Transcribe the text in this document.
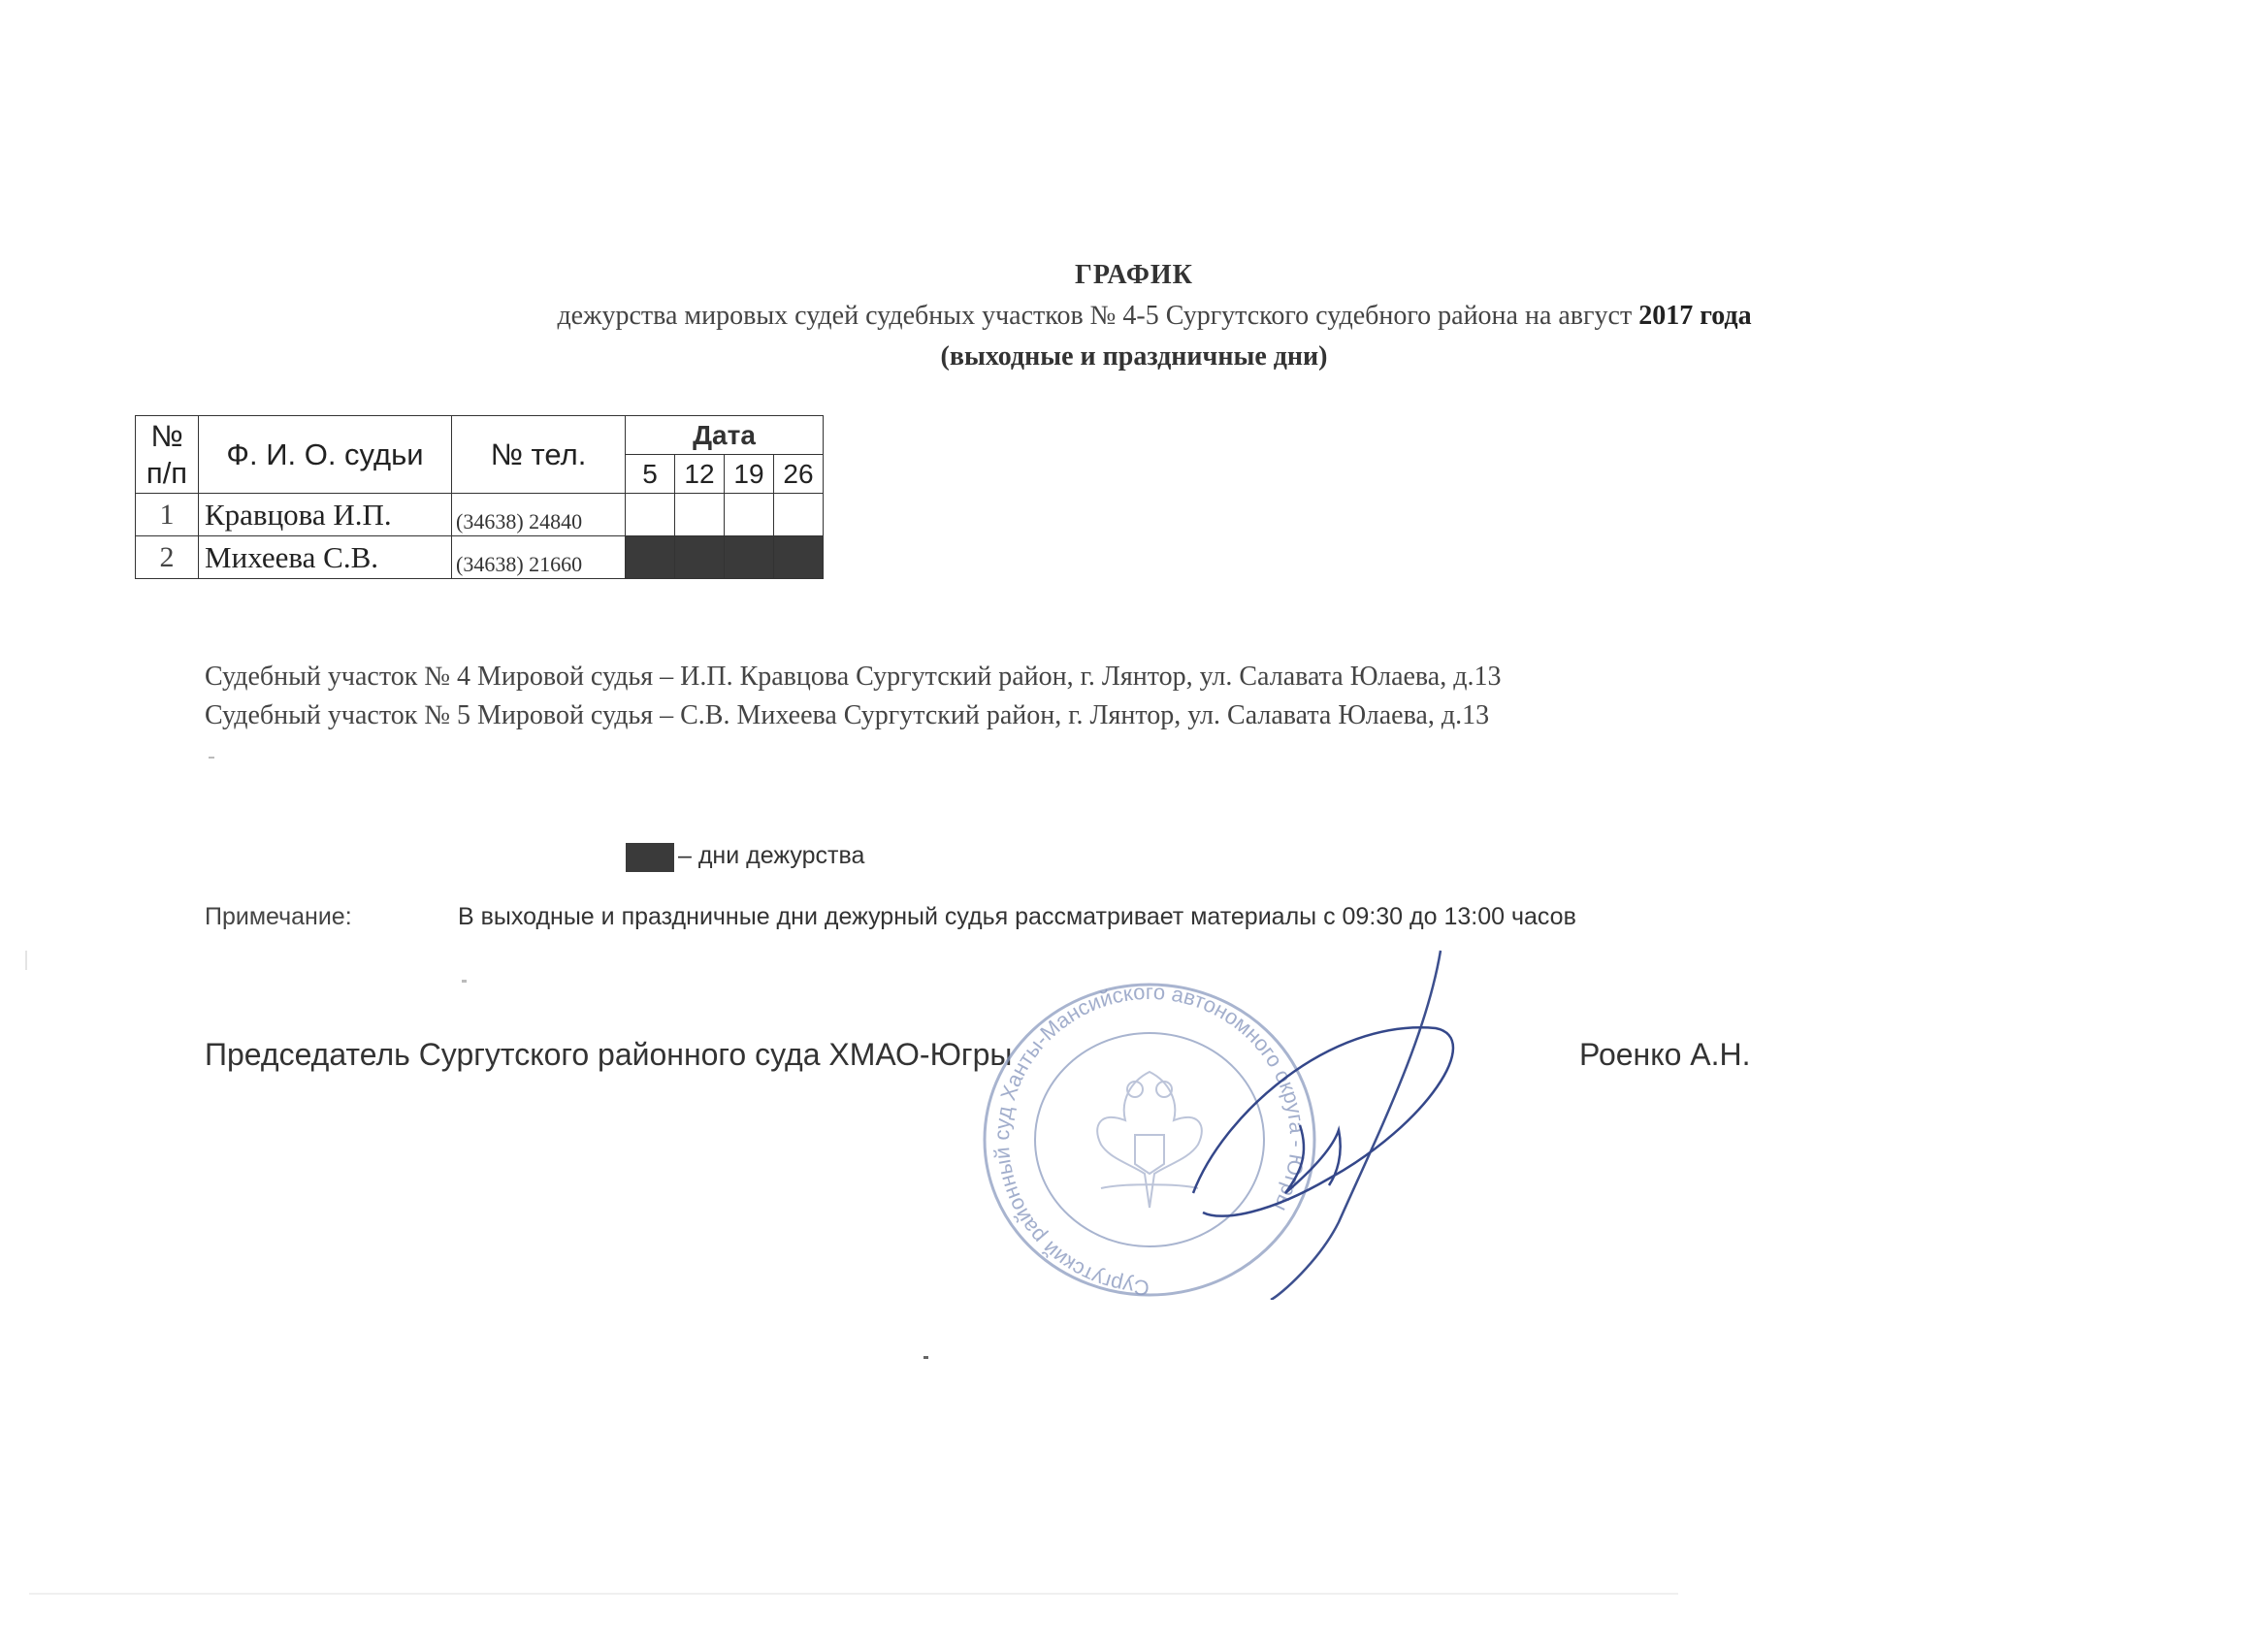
ГРАФИК
дежурства мировых судей судебных участков № 4-5 Сургутского судебного района на август 2017 года
(выходные и праздничные дни)
№ п/п	Ф. И. О. судьи	№ тел.	Дата			
			5	12	19	26
1	Кравцова И.П.	(34638) 24840				
2	Михеева С.В.	(34638) 21660				
Судебный участок № 4 Мировой судья – И.П. Кравцова Сургутский район, г. Лянтор, ул. Салавата Юлаева, д.13
Судебный участок № 5 Мировой судья – С.В. Михеева Сургутский район, г. Лянтор, ул. Салавата Юлаева, д.13
– дни дежурства
Примечание:	В выходные и праздничные дни дежурный судья рассматривает материалы с 09:30 до 13:00 часов
Председатель Сургутского районного суда ХМАО-Югры	Роенко А.Н.
Сургутский районный суд Ханты-Мансийского автономного округа - Югры
